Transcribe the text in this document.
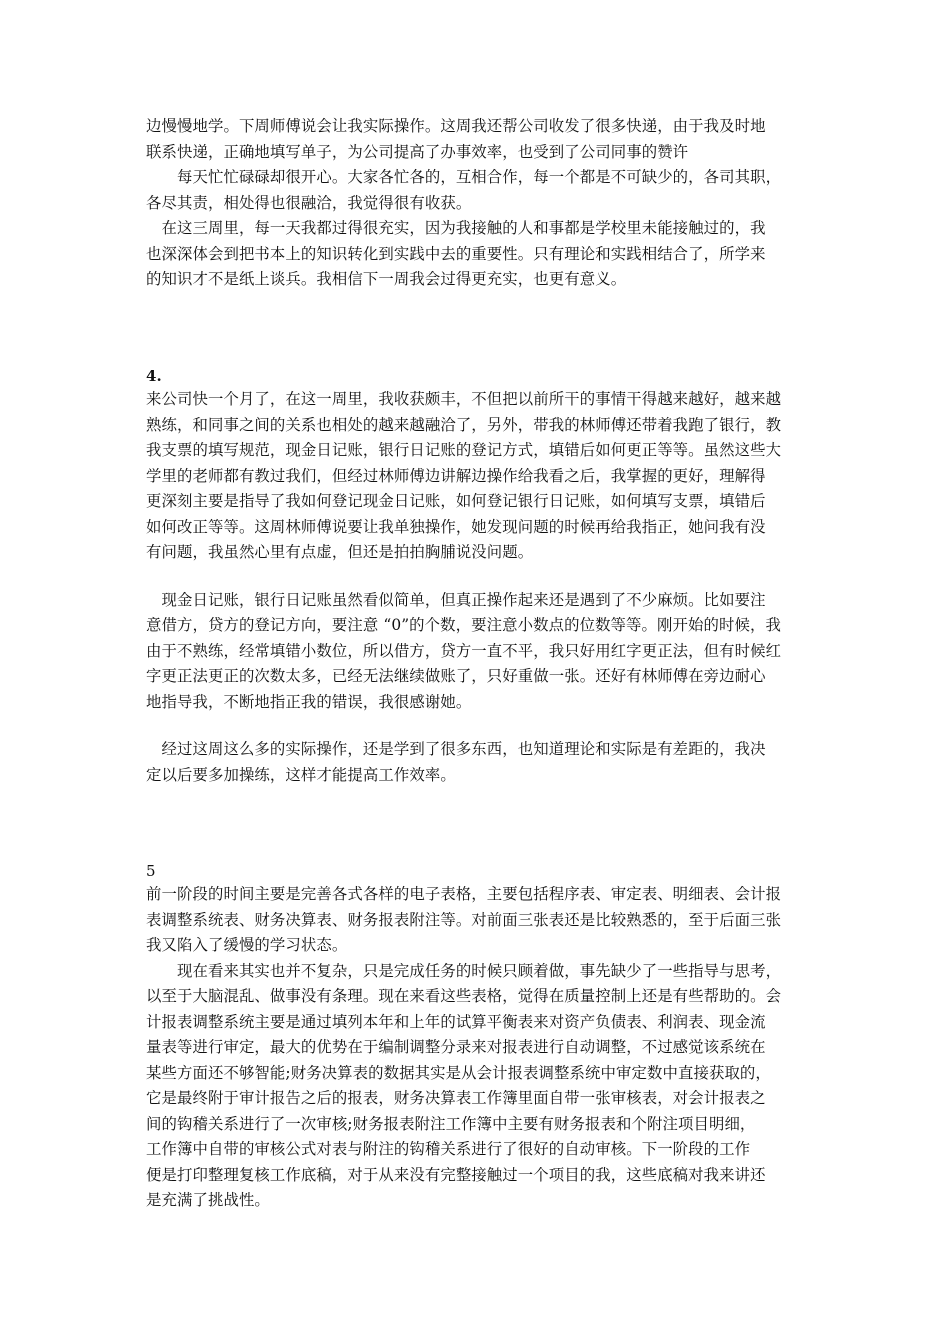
边慢慢地学。下周师傅说会让我实际操作。这周我还帮公司收发了很多快递，由于我及时地
联系快递，正确地填写单子，为公司提高了办事效率，也受到了公司同事的赞许
　　每天忙忙碌碌却很开心。大家各忙各的，互相合作，每一个都是不可缺少的，各司其职，
各尽其责，相处得也很融洽，我觉得很有收获。
　在这三周里，每一天我都过得很充实，因为我接触的人和事都是学校里未能接触过的，我
也深深体会到把书本上的知识转化到实践中去的重要性。只有理论和实践相结合了，所学来
的知识才不是纸上谈兵。我相信下一周我会过得更充实，也更有意义。
4.
来公司快一个月了，在这一周里，我收获颇丰，不但把以前所干的事情干得越来越好，越来越
熟练，和同事之间的关系也相处的越来越融洽了，另外，带我的林师傅还带着我跑了银行，教
我支票的填写规范，现金日记账，银行日记账的登记方式，填错后如何更正等等。虽然这些大
学里的老师都有教过我们，但经过林师傅边讲解边操作给我看之后，我掌握的更好，理解得
更深刻主要是指导了我如何登记现金日记账，如何登记银行日记账，如何填写支票，填错后
如何改正等等。这周林师傅说要让我单独操作，她发现问题的时候再给我指正，她问我有没
有问题，我虽然心里有点虚，但还是拍拍胸脯说没问题。
　现金日记账，银行日记账虽然看似简单，但真正操作起来还是遇到了不少麻烦。比如要注
意借方，贷方的登记方向，要注意 “0”的个数，要注意小数点的位数等等。刚开始的时候，我
由于不熟练，经常填错小数位，所以借方，贷方一直不平，我只好用红字更正法，但有时候红
字更正法更正的次数太多，已经无法继续做账了，只好重做一张。还好有林师傅在旁边耐心
地指导我，不断地指正我的错误，我很感谢她。
　经过这周这么多的实际操作，还是学到了很多东西，也知道理论和实际是有差距的，我决
定以后要多加操练，这样才能提高工作效率。
5
前一阶段的时间主要是完善各式各样的电子表格，主要包括程序表、审定表、明细表、会计报
表调整系统表、财务决算表、财务报表附注等。对前面三张表还是比较熟悉的，至于后面三张
我又陷入了缓慢的学习状态。
　　现在看来其实也并不复杂，只是完成任务的时候只顾着做，事先缺少了一些指导与思考，
以至于大脑混乱、做事没有条理。现在来看这些表格，觉得在质量控制上还是有些帮助的。会
计报表调整系统主要是通过填列本年和上年的试算平衡表来对资产负债表、利润表、现金流
量表等进行审定，最大的优势在于编制调整分录来对报表进行自动调整，不过感觉该系统在
某些方面还不够智能;财务决算表的数据其实是从会计报表调整系统中审定数中直接获取的，
它是最终附于审计报告之后的报表，财务决算表工作簿里面自带一张审核表，对会计报表之
间的钩稽关系进行了一次审核;财务报表附注工作簿中主要有财务报表和个附注项目明细，
工作簿中自带的审核公式对表与附注的钩稽关系进行了很好的自动审核。下一阶段的工作
便是打印整理复核工作底稿，对于从来没有完整接触过一个项目的我，这些底稿对我来讲还
是充满了挑战性。
